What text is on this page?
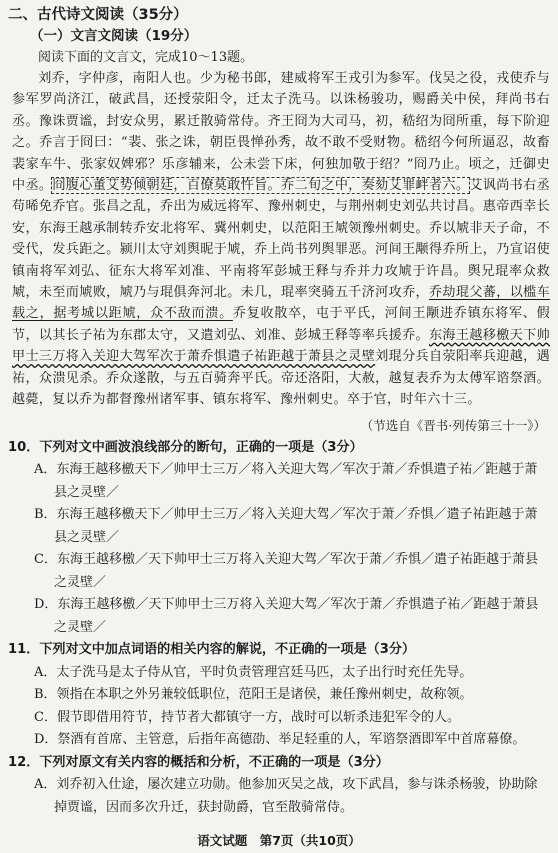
二、古代诗文阅读（35分）

（一）文言文阅读（19分）

阅读下面的文言文，完成10～13题。

刘乔，字仲彦，南阳人也。少为秘书郎，建威将军王戎引为参军。伐吴之役，戎使乔与参军罗尚济江，破武昌，还授荥阳令，迁太子洗马。以诛杨骏功，赐爵关中侯，拜尚书右丞。豫诛贾谧，封安众男，累迁散骑常侍。齐王冏为大司马，初，嵇绍为冏所重，每下阶迎之。乔言于冏曰：“裴、张之诛，朝臣畏惮孙秀，故不敢不受财物。嵇绍今何所逼忍，故畜裴家车牛、张家奴婢邪？乐彦辅来，公未尝下床，何独加敬于绍？”冏乃止。顷之，迁御史中丞。冏腹心董艾势倾朝廷，百僚莫敢忤旨。乔二旬之中，奏劾艾罪衅者六。艾讽尚书右丞苟晞免乔官。张昌之乱，乔出为威远将军、豫州刺史，与荆州刺史刘弘共讨昌。惠帝西幸长安，东海王越承制转乔安北将军、冀州刺史，以范阳王虓领豫州刺史。乔以虓非天子命，不受代，发兵距之。颍川太守刘舆昵于虓，乔上尚书列舆罪恶。河间王颙得乔所上，乃宣诏使镇南将军刘弘、征东大将军刘准、平南将军彭城王释与乔并力攻虓于许昌。舆兄琨率众救虓，未至而虓败，虓乃与琨俱奔河北。未几，琨率突骑五千济河攻乔，乔劫琨父蕃，以槛车载之，据考城以距虓，众不敌而溃。乔复收散卒，屯于平氏，河间王颙进乔镇东将军、假节，以其长子祐为东郡太守，又遣刘弘、刘准、彭城王释等率兵援乔。东海王越移檄天下帅甲士三万将入关迎大驾军次于萧乔惧遣子祐距越于萧县之灵壁刘琨分兵自荥阳率兵迎越，遇祐，众溃见杀。乔众遂散，与五百骑奔平氏。帝还洛阳，大赦，越复表乔为太傅军谘祭酒。越薨，复以乔为都督豫州诸军事、镇东将军、豫州刺史。卒于官，时年六十三。

（节选自《晋书·列传第三十一》）

10．下列对文中画波浪线部分的断句，正确的一项是（3分）

A．东海王越移檄天下／帅甲士三万／将入关迎大驾／军次于萧／乔惧遣子祐／距越于萧县之灵壁／

B．东海王越移檄天下／帅甲士三万／将入关迎大驾／军次于萧／乔惧／遣子祐距越于萧县之灵壁／

C．东海王越移檄／天下帅甲士三万将入关迎大驾／军次于萧／乔惧／遣子祐距越于萧县之灵壁／

D．东海王越移檄／天下帅甲士三万将入关迎大驾／军次于萧／乔惧遣子祐／距越于萧县之灵壁／

11．下列对文中加点词语的相关内容的解说，不正确的一项是（3分）

A．太子洗马是太子侍从官，平时负责管理宫廷马匹，太子出行时充任先导。

B．领指在本职之外另兼较低职位，范阳王是诸侯，兼任豫州刺史，故称领。

C．假节即借用符节，持节者大都镇守一方，战时可以斩杀违犯军令的人。

D．祭酒有首席、主管意，后指年高德劭、举足轻重的人，军谘祭酒即军中首席幕僚。

12．下列对原文有关内容的概括和分析，不正确的一项是（3分）

A．刘乔初入仕途，屡次建立功勋。他参加灭吴之战，攻下武昌，参与诛杀杨骏，协助除掉贾谧，因而多次升迁，获封勋爵，官至散骑常侍。

语文试题　第7页（共10页）
